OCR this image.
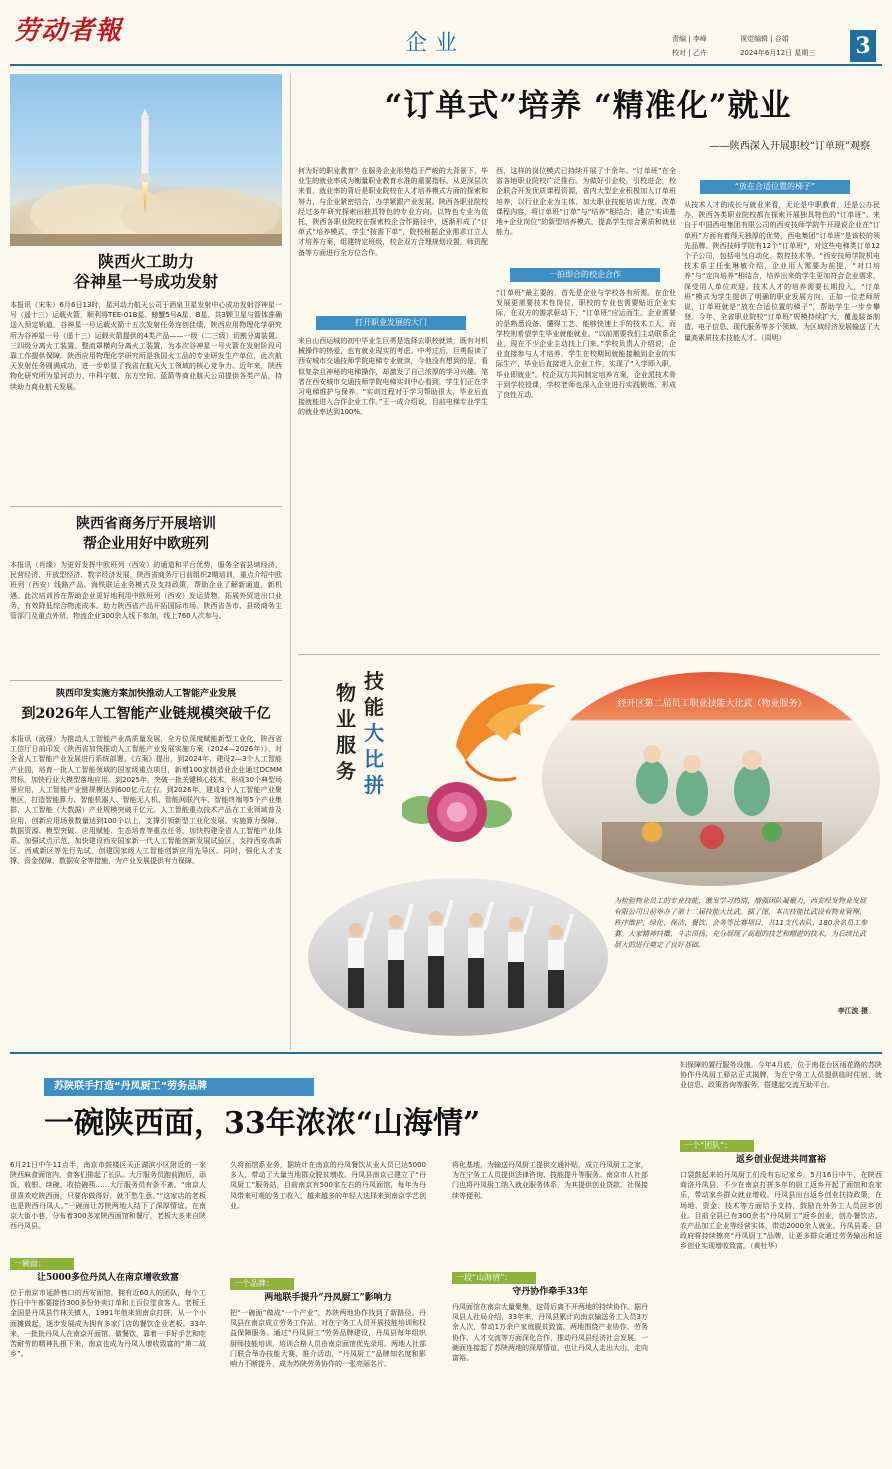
劳动者報	企业	责编 | 李峰
校对 | 乙卉
视觉编辑 | 谷娟
2024年6月12日 星期三	3
陕西火工助力
谷神星一号成功发射
本报讯（宋朱）6月6日13时，星河动力航天公司于酒泉卫星发射中心成功发射谷神星一号（遥十三）运载火箭，顺利将TEE-01B星、螃蟹5号A星、B星、共3颗卫星与箭体准确送入预定轨道。谷神星一号运载火箭十五次发射任务连创佳绩，陕西应用物理化学研究所为谷神星一号（遥十三）运载火箭提供的4类产品——一级（二三级）切割分离装置、三四级分离火工装置、整流罩横向分离火工装置，为本次谷神星一号火箭在发射阶段可靠工作提供保障。陕西应用物理化学研究所是我国火工品的专业研发生产单位，此次航天发射任务圆满成功，进一步彰显了我省在航天火工领域的核心竞争力。近年来，陕西物化研究所为星河动力、中科宇航、东方空间、蓝箭等商业航天公司提供各类产品，持续助力商业航天发展。
陕西省商务厅开展培训
帮企业用好中欧班列
本报讯（肖缘）为更好发挥中欧班列（西安）的通道和平台优势，服务全省县域经济、民营经济、开放型经济、数字经济发展，陕西省商务厅日前组织2期培训，重点介绍中欧班列（西安）线路产品、海铁联运业务模式及支持政策，帮助企业了解新通道、新机遇。此次培训旨在帮助企业更好地利用中欧班列（西安）发运货物，拓展外贸进出口业务，有效降低综合物流成本。助力陕西省产品开拓国际市场。陕西省各市、县级商务主管部门及重点外贸、物流企业300余人线下参加，线上760人次参与。
陕西印发实施方案加快推动人工智能产业发展
到2026年人工智能产业链规模突破千亿
本报讯（武强）为推动人工智能产业高质量发展，全方位深度赋能新型工业化，陕西省工信厅日前印发《陕西省加快推动人工智能产业发展实施方案（2024—2026年）》，对全省人工智能产业发展进行系统部署。《方案》提出，到2024年，建设2—3个人工智能产业园，培育一批人工智能领域的国家级重点项目，新增100家制造业企业通过DCMM贯标，加快行业大模型落地应用。到2025年，突破一批关键核心技术，形成30个典型场景应用，人工智能产业链规模达到600亿元左右。到2026年，建成3个人工智能产业聚集区，打造智能算力、智能机器人、智能无人机、智能网联汽车、智能终端等5个产业集群，人工智能（大数据）产业规模突破千亿元。人工智能重点技术产品在工业领域普及应用，创新应用场景数量达到100个以上，支撑引领新型工业化发展。实施算力保障、数据资源、模型突破、应用赋能、生态培育等重点任务，加快构建全省人工智能产业体系。加强试点示范，加快建设西安国家新一代人工智能创新发展试验区，支持西安高新区、西咸新区等先行先试，创建国家级人工智能创新应用先导区。同时，强化人才支撑、资金保障、数据安全等措施，为产业发展提供有力保障。
“订单式”培养 “精准化”就业
——陕西深入开展职校“订单班”观察
何为好的职业教育？在服务企业形势趋于严峻的大背景下，毕业生的就业率成为衡量职业教育水准的重要指标。从更深层次来看，就业率的背后是职业院校在人才培养模式方面的探索和努力，与企业紧密结合，办学紧跟产业发展。陕西各职业院校经过多年研究探索出独具特色的专业方向。以特色专业为依托，陕西各职业院校在探索校企合作路径中，逐渐形成了“订单式”培养模式，学生“按需下单”，院校根据企业需求订立人才培养方案，组建特定班级，校企双方合理规划设置，师资配备等方面进行全方位合作。
打开职业发展的大门
来自山西运城的初中毕业生巨勇是选择去职校就读，既有对机械操作的热爱，也有就业现实的考虑。中考过后，巨勇报读了西安城市交通技师学院电梯专业就读，今他没有想到的是，看似复杂且神秘的电梯操作，却激发了自己浓厚的学习兴趣。笔者在西安城市交通技师学院电梯实训中心看到，学生们正在学习电梯维护与保养。“实训过程对于学习帮助很大，毕业后直接就能进入合作企业工作。”王一成介绍说，目前电梯专业学生的就业率达到100%。
西，这样的岗位模式已持续开展了十余年。“订单班”在全省各地职业院校广泛推行。为做好引企校，引校进企，校企联合开发优质课程资源，省内大型企业积极加入订单班培养，以行业企业为主体、加大职业技能培训力度，改革课程内容，将订单班“订单”与“培养”相结合，建立“实训基地+企业岗位”的新型培养模式，提高学生综合素质和就业能力。
一拍即合的校企合作
“订单班”最主要的，首先是企业与学校各有所需。在企业发展更需要技术性岗位，职校的专业也需要贴近企业实际，在双方的需求驱动下，“订单班”应运而生。企业需要的是熟悉设备、懂得工艺、能够快速上手的技术工人，而学校则希望学生毕业就能就业。“以前需要我们主动联系企业，现在不少企业主动找上门来。”学校负责人介绍说，企业直接参与人才培养，学生在校期间就能接触到企业的实际生产，毕业后直接进入企业工作，实现了“入学即入职，毕业即就业”。校企双方共同制定培养方案，企业派技术骨干到学校授课，学校老师也深入企业进行实践锻炼，形成了良性互动。
“放在合适位置的梯子”
从技术人才的成长与就业来看，无论是中职教育，还是公办民办，陕西各类职业院校都在探索开展独具特色的“订单班”。来自于中国西电集团有限公司的西安技师学院牛开现说企业在“订单班”方面有着得天独厚的优势，西电集团“订单班”是该校的领先品牌。陕西技师学院有12个“订单班”，对这些电梯类订单12个子公司，包括电气自动化、数控技术等。“西安技师学院机电技术系主任张琳敏介绍，企业用人需要为前提，“对口培养”与“定向培养”相结合，培养出来的学生更加符合企业需求，深受用人单位欢迎。技术人才的培养需要长期投入，“订单班”模式为学生提供了明确的职业发展方向，正如一位老师所说，订单班就是“放在合适位置的梯子”，帮助学生一步步攀登。今年，全省职业院校“订单班”规模持续扩大，覆盖装备制造、电子信息、现代服务等多个领域，为区域经济发展输送了大量高素质技术技能人才。（周明）
物
业
服
务
技
能
大
比
拼
经开区第二届员工职业技能大比武（物业服务）
为检验物业员工的专业技能，激发学习热情，增强团队凝聚力，西安经发物业发展有限公司日前举办了第十二届技能大比武。插了图，本次技能比武设有物业管理、秩序维护、绿化、保洁、餐饮、会务等比赛项目，共11支代表队、180余名员工参赛。大家精神抖擞、斗志昂扬，充分展现了高超的技艺和精湛的技术，为后续比武展大的进行奠定了良好基础。
李江波 摄
苏陕联手打造“丹凤厨工”劳务品牌
一碗陕西面，33年浓浓“山海情”
6月21日中午11点半，南京市鼓楼区天正湖滨小区附近的一家陕西麻食面馆内，食客们排起了长队。大厅服务员跑前跑后，添饭、收银、续碗、收拾碗筷……大厅服务员有条不紊。“南京人很喜欢吃陕西面，只要你做得好，就不愁生意。”“这家店的老板也是陕西丹凤人。”一碗面让苏陕两地人结下了深厚情谊。在南京大街小巷，分布着300多家陕西面馆和餐厅，老板大多来自陕西丹凤县。
一碗面：
让5000多位丹凤人在南京增收致富
位于南京市延龄巷口的西安面馆，拥有近60人的团队，每个工作日中午都要接待300多份外卖订单和上百位堂食客人。老板王金国是丹凤县竹林关镇人，1991年他来到南京打拼，从一个小面摊做起，逐步发展成为拥有多家门店的餐饮企业老板。33年来，一批批丹凤人在南京开面馆、做餐饮，靠着一手好手艺和吃苦耐劳的精神扎根下来，南京也成为丹凤人增收致富的“第二故乡”。
久将面馆系业务，据统计在南京的丹凤餐饮从业人员已达5000多人，带动了大量当地群众脱贫增收。丹凤县南京已建立了“丹凤厨工”服务站，目前南京有500家左右的丹凤面馆，每年为丹凤带来可观的务工收入，越来越多的年轻人选择来到南京学艺创业。
一个品牌：
两地联手提升“丹凤厨工”影响力
把“一碗面”做成“一个产业”，苏陕两地协作找到了新路径。丹凤县在南京成立劳务工作站，对在宁务工人员开展技能培训和权益保障服务。通过“丹凤厨工”劳务品牌建设，丹凤县每年组织厨师技能培训，培训合格人员由南京面馆优先录用。两地人社部门联合举办技能大赛、推介活动，“丹凤厨工”品牌知名度和影响力不断提升，成为苏陕劳务协作的一张亮丽名片。
将化基地，为输送丹凤厨工提供交通补贴，成立丹凤厨工之家，为在宁务工人员提供法律咨询、技能提升等服务。南京市人社部门也将丹凤厨工纳入就业服务体系，为其提供创业贷款、社保接续等便利。
一段“山海情”：
守丹协作牵手33年
丹凤面馆在南京大量聚集，这背后离不开两地的持续协作。据丹凤县人社局介绍，33年来，丹凤县累计向南京输送务工人员3万余人次，带动1万余户家庭脱贫致富。两地围绕产业协作、劳务协作、人才交流等方面深化合作，推动丹凤县经济社会发展。一碗面连接起了苏陕两地的深厚情谊，也让丹凤人走出大山、走向富裕。
妇保障的置行服务设施。今年4月底，位于南花台区雨花路的苏陕协作丹凤厨工驿站正式揭牌，为在宁务工人员提供临时住宿、就业信息、政策咨询等服务，搭建起交流互助平台。
一个“团队”：
返乡创业促进共同富裕
口袋鼓起来的丹凤厨工们没有忘记家乡。5月16日中午，在陕西商洛丹凤县，不少在南京打拼多年的厨工返乡开起了面馆和农家乐，带动家乡群众就业增收。丹凤县出台返乡创业扶持政策，在场地、资金、技术等方面给予支持，鼓励在外务工人员回乡创业。目前全县已有300余名“丹凤厨工”返乡创业，创办餐饮店、农产品加工企业等经营实体，带动2000余人就业。丹凤县委、县政府将持续擦亮“丹凤厨工”品牌，让更多群众通过劳务输出和返乡创业实现增收致富。（黄杜华）
